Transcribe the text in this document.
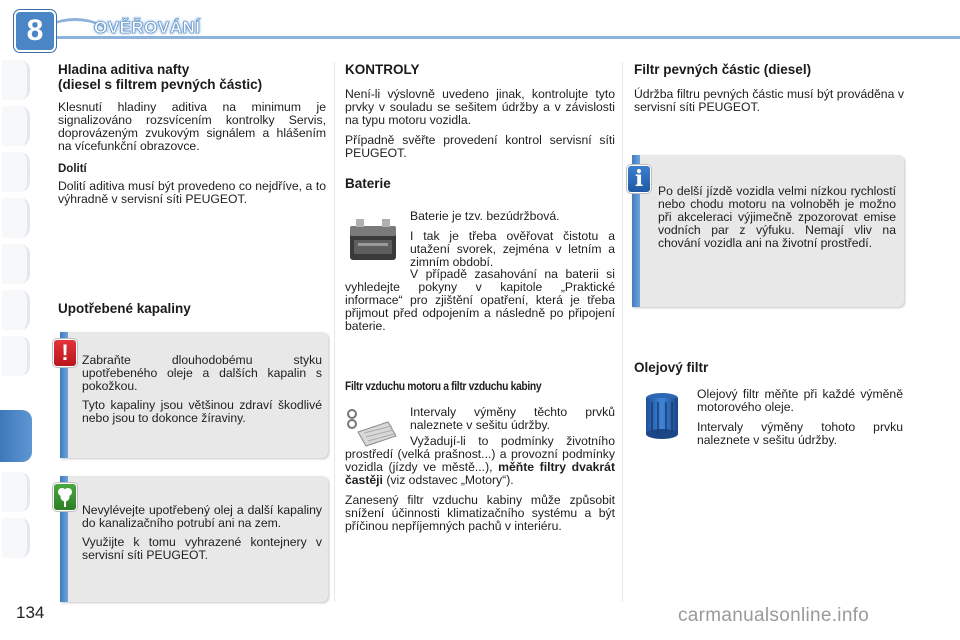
8	OVĚŘOVÁNÍ
Hladina aditiva nafty
(diesel s filtrem pevných částic)

Klesnutí hladiny aditiva na minimum je signalizováno rozsvícením kontrolky Servis, doprovázeným zvukovým signálem a hlášením na vícefunkční obrazovce.

Dolití

Dolití aditiva musí být provedeno co nejdříve, a to výhradně v servisní síti PEUGEOT.

Upotřebené kapaliny

Zabraňte dlouhodobému styku upotřebeného oleje a dalších kapalin s pokožkou.

Tyto kapaliny jsou většinou zdraví škodlivé nebo jsou to dokonce žíraviny.

!

Nevylévejte upotřebený olej a další kapaliny do kanalizačního potrubí ani na zem.

Využijte k tomu vyhrazené kontejnery v servisní síti PEUGEOT.

KONTROLY

Není-li výslovně uvedeno jinak, kontrolujte tyto prvky v souladu se sešitem údržby a v závislosti na typu motoru vozidla.

Případně svěřte provedení kontrol servisní síti PEUGEOT.

Baterie

Baterie je tzv. bezúdržbová.

I tak je třeba ověřovat čistotu a utažení svorek, zejména v letním a zimním období.

V případě zasahování na baterii si vyhledejte pokyny v kapitole „Praktické informace“ pro zjištění opatření, která je třeba přijmout před odpojením a následně po připojení baterie.

Filtr vzduchu motoru a filtr vzduchu kabiny

Intervaly výměny těchto prvků naleznete v sešitu údržby.

Vyžadují-li to podmínky životního prostředí (velká prašnost...) a provozní podmínky vozidla (jízdy ve městě...), měňte filtry dvakrát častěji (viz odstavec „Motory“).

Zanesený filtr vzduchu kabiny může způsobit snížení účinnosti klimatizačního systému a být příčinou nepříjemných pachů v interiéru.

Filtr pevných částic (diesel)

Údržba filtru pevných částic musí být prováděna v servisní síti PEUGEOT.

Po delší jízdě vozidla velmi nízkou rychlostí nebo chodu motoru na volnoběh je možno při akceleraci výjimečně zpozorovat emise vodních par z výfuku. Nemají vliv na chování vozidla ani na životní prostředí.

i
Olejový filtr

Olejový filtr měňte při každé výměně motorového oleje.

Intervaly výměny tohoto prvku naleznete v sešitu údržby.

134	carmanualsonline.info
